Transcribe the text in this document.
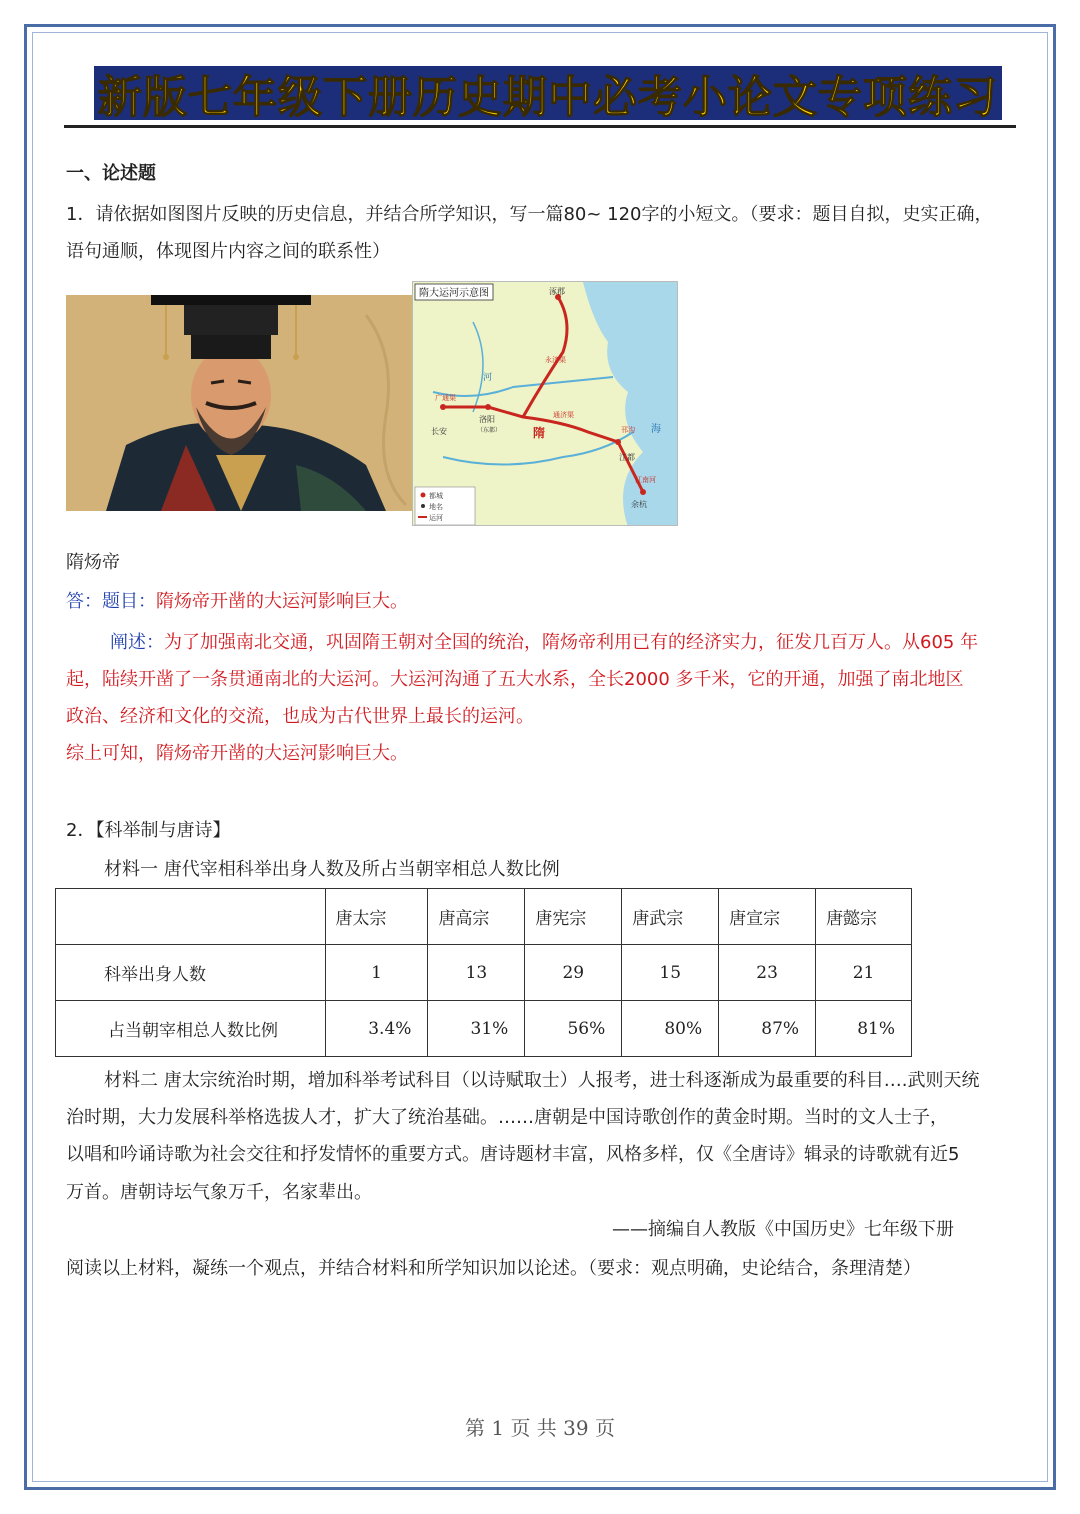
新版七年级下册历史期中必考小论文专项练习
一、论述题
1．请依据如图图片反映的历史信息，并结合所学知识，写一篇80~ 120字的小短文。（要求：题目自拟，史实正确，
语句通顺，体现图片内容之间的联系性）
隋大运河示意图	涿郡
长安
洛阳
（东都）
江都
余杭
广通渠
通济渠
永济渠
邗沟
江南河
隋	海
河
都城
地名
运河
隋炀帝
答：题目：隋炀帝开凿的大运河影响巨大。
阐述：为了加强南北交通，巩固隋王朝对全国的统治，隋炀帝利用已有的经济实力，征发几百万人。从605 年
起，陆续开凿了一条贯通南北的大运河。大运河沟通了五大水系，全长2000 多千米，它的开通，加强了南北地区
政治、经济和文化的交流，也成为古代世界上最长的运河。
综上可知，隋炀帝开凿的大运河影响巨大。
2．【科举制与唐诗】
材料一 唐代宰相科举出身人数及所占当朝宰相总人数比例
	唐太宗	唐高宗	唐宪宗	唐武宗	唐宣宗	唐懿宗
科举出身人数	1	13	29	15	23	21
占当朝宰相总人数比例	3.4%	31%	56%	80%	87%	81%
材料二 唐太宗统治时期，增加科举考试科目（以诗赋取士）人报考，进士科逐渐成为最重要的科目….武则天统
治时期，大力发展科举格选拔人才，扩大了统治基础。……唐朝是中国诗歌创作的黄金时期。当时的文人士子，
以唱和吟诵诗歌为社会交往和抒发情怀的重要方式。唐诗题材丰富，风格多样，仅《全唐诗》辑录的诗歌就有近5
万首。唐朝诗坛气象万千，名家辈出。
——摘编自人教版《中国历史》七年级下册
阅读以上材料，凝练一个观点，并结合材料和所学知识加以论述。（要求：观点明确，史论结合，条理清楚）
第 1 页 共 39 页
